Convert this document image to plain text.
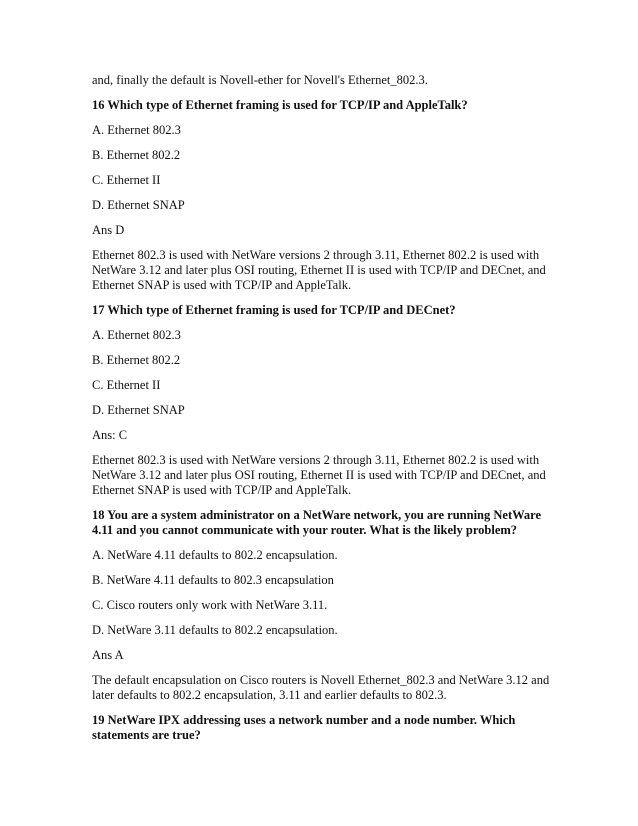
and, finally the default is Novell-ether for Novell's Ethernet_802.3.

16 Which type of Ethernet framing is used for TCP/IP and AppleTalk?

A. Ethernet 802.3

B. Ethernet 802.2

C. Ethernet II

D. Ethernet SNAP

Ans D

Ethernet 802.3 is used with NetWare versions 2 through 3.11, Ethernet 802.2 is used with NetWare 3.12 and later plus OSI routing, Ethernet II is used with TCP/IP and DECnet, and Ethernet SNAP is used with TCP/IP and AppleTalk.

17 Which type of Ethernet framing is used for TCP/IP and DECnet?

A. Ethernet 802.3

B. Ethernet 802.2

C. Ethernet II

D. Ethernet SNAP

Ans: C

Ethernet 802.3 is used with NetWare versions 2 through 3.11, Ethernet 802.2 is used with NetWare 3.12 and later plus OSI routing, Ethernet II is used with TCP/IP and DECnet, and Ethernet SNAP is used with TCP/IP and AppleTalk.

18 You are a system administrator on a NetWare network, you are running NetWare 4.11 and you cannot communicate with your router. What is the likely problem?

A. NetWare 4.11 defaults to 802.2 encapsulation.

B. NetWare 4.11 defaults to 802.3 encapsulation

C. Cisco routers only work with NetWare 3.11.

D. NetWare 3.11 defaults to 802.2 encapsulation.

Ans A

The default encapsulation on Cisco routers is Novell Ethernet_802.3 and NetWare 3.12 and later defaults to 802.2 encapsulation, 3.11 and earlier defaults to 802.3.

19 NetWare IPX addressing uses a network number and a node number. Which statements are true?
